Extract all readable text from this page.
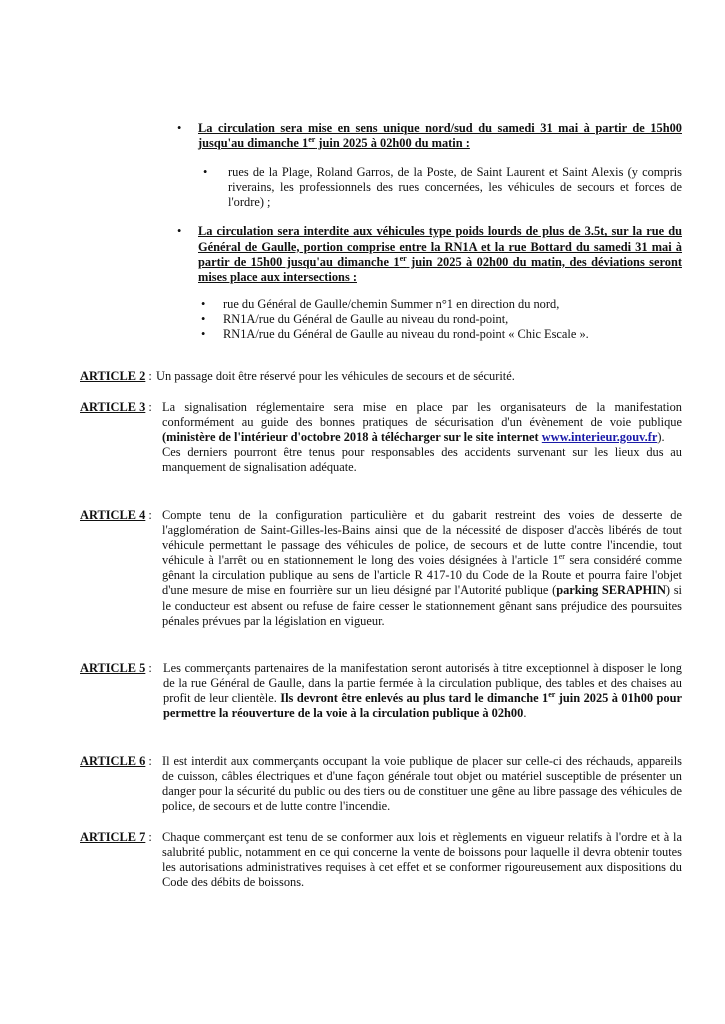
• La circulation sera mise en sens unique nord/sud du samedi 31 mai à partir de 15h00 jusqu'au dimanche 1er juin 2025 à 02h00 du matin :
• rues de la Plage, Roland Garros, de la Poste, de Saint Laurent et Saint Alexis (y compris riverains, les professionnels des rues concernées, les véhicules de secours et forces de l'ordre) ;
• La circulation sera interdite aux véhicules type poids lourds de plus de 3.5t, sur la rue du Général de Gaulle, portion comprise entre la RN1A et la rue Bottard du samedi 31 mai à partir de 15h00 jusqu'au dimanche 1er juin 2025 à 02h00 du matin, des déviations seront mises place aux intersections :
• rue du Général de Gaulle/chemin Summer n°1 en direction du nord,
• RN1A/rue du Général de Gaulle au niveau du rond-point,
• RN1A/rue du Général de Gaulle au niveau du rond-point « Chic Escale ».
ARTICLE 2 : Un passage doit être réservé pour les véhicules de secours et de sécurité.
ARTICLE 3 : La signalisation réglementaire sera mise en place par les organisateurs de la manifestation conformément au guide des bonnes pratiques de sécurisation d'un évènement de voie publique (ministère de l'intérieur d'octobre 2018 à télécharger sur le site internet www.interieur.gouv.fr).
Ces derniers pourront être tenus pour responsables des accidents survenant sur les lieux dus au manquement de signalisation adéquate.
ARTICLE 4 : Compte tenu de la configuration particulière et du gabarit restreint des voies de desserte de l'agglomération de Saint-Gilles-les-Bains ainsi que de la nécessité de disposer d'accès libérés de tout véhicule permettant le passage des véhicules de police, de secours et de lutte contre l'incendie, tout véhicule à l'arrêt ou en stationnement le long des voies désignées à l'article 1er sera considéré comme gênant la circulation publique au sens de l'article R 417-10 du Code de la Route et pourra faire l'objet d'une mesure de mise en fourrière sur un lieu désigné par l'Autorité publique (parking SERAPHIN) si le conducteur est absent ou refuse de faire cesser le stationnement gênant sans préjudice des poursuites pénales prévues par la législation en vigueur.
ARTICLE 5 : Les commerçants partenaires de la manifestation seront autorisés à titre exceptionnel à disposer le long de la rue Général de Gaulle, dans la partie fermée à la circulation publique, des tables et des chaises au profit de leur clientèle. Ils devront être enlevés au plus tard le dimanche 1er juin 2025 à 01h00 pour permettre la réouverture de la voie à la circulation publique à 02h00.
ARTICLE 6 : Il est interdit aux commerçants occupant la voie publique de placer sur celle-ci des réchauds, appareils de cuisson, câbles électriques et d'une façon générale tout objet ou matériel susceptible de présenter un danger pour la sécurité du public ou des tiers ou de constituer une gêne au libre passage des véhicules de police, de secours et de lutte contre l'incendie.
ARTICLE 7 : Chaque commerçant est tenu de se conformer aux lois et règlements en vigueur relatifs à l'ordre et à la salubrité public, notamment en ce qui concerne la vente de boissons pour laquelle il devra obtenir toutes les autorisations administratives requises à cet effet et se conformer rigoureusement aux dispositions du Code des débits de boissons.
